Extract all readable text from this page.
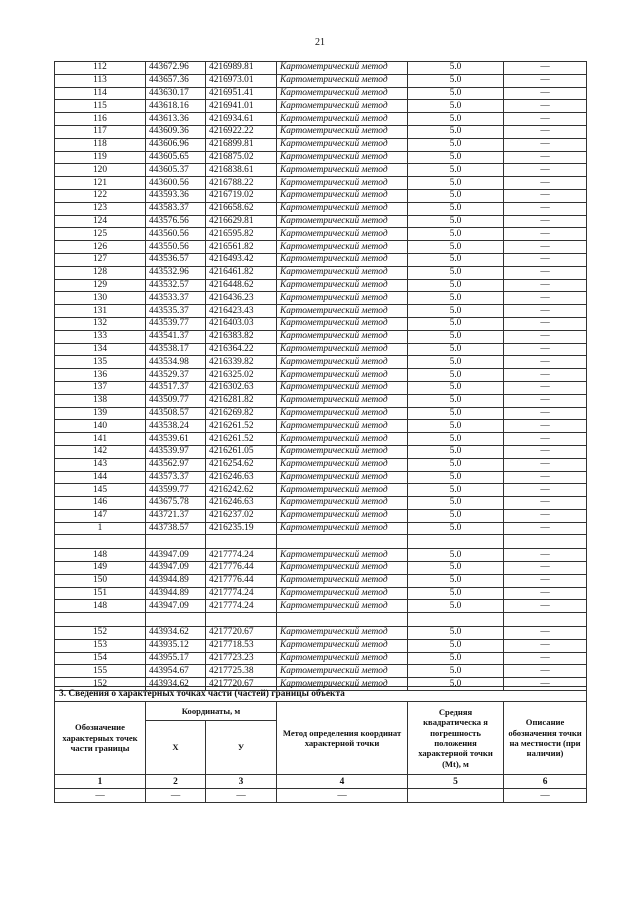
21
112	443672.96	4216989.81	Картометрический метод	5.0	—
113	443657.36	4216973.01	Картометрический метод	5.0	—
114	443630.17	4216951.41	Картометрический метод	5.0	—
115	443618.16	4216941.01	Картометрический метод	5.0	—
116	443613.36	4216934.61	Картометрический метод	5.0	—
117	443609.36	4216922.22	Картометрический метод	5.0	—
118	443606.96	4216899.81	Картометрический метод	5.0	—
119	443605.65	4216875.02	Картометрический метод	5.0	—
120	443605.37	4216838.61	Картометрический метод	5.0	—
121	443600.56	4216788.22	Картометрический метод	5.0	—
122	443593.36	4216719.02	Картометрический метод	5.0	—
123	443583.37	4216658.62	Картометрический метод	5.0	—
124	443576.56	4216629.81	Картометрический метод	5.0	—
125	443560.56	4216595.82	Картометрический метод	5.0	—
126	443550.56	4216561.82	Картометрический метод	5.0	—
127	443536.57	4216493.42	Картометрический метод	5.0	—
128	443532.96	4216461.82	Картометрический метод	5.0	—
129	443532.57	4216448.62	Картометрический метод	5.0	—
130	443533.37	4216436.23	Картометрический метод	5.0	—
131	443535.37	4216423.43	Картометрический метод	5.0	—
132	443539.77	4216403.03	Картометрический метод	5.0	—
133	443541.37	4216383.82	Картометрический метод	5.0	—
134	443538.17	4216364.22	Картометрический метод	5.0	—
135	443534.98	4216339.82	Картометрический метод	5.0	—
136	443529.37	4216325.02	Картометрический метод	5.0	—
137	443517.37	4216302.63	Картометрический метод	5.0	—
138	443509.77	4216281.82	Картометрический метод	5.0	—
139	443508.57	4216269.82	Картометрический метод	5.0	—
140	443538.24	4216261.52	Картометрический метод	5.0	—
141	443539.61	4216261.52	Картометрический метод	5.0	—
142	443539.97	4216261.05	Картометрический метод	5.0	—
143	443562.97	4216254.62	Картометрический метод	5.0	—
144	443573.37	4216246.63	Картометрический метод	5.0	—
145	443599.77	4216242.62	Картометрический метод	5.0	—
146	443675.78	4216246.63	Картометрический метод	5.0	—
147	443721.37	4216237.02	Картометрический метод	5.0	—
1	443738.57	4216235.19	Картометрический метод	5.0	—

148	443947.09	4217774.24	Картометрический метод	5.0	—
149	443947.09	4217776.44	Картометрический метод	5.0	—
150	443944.89	4217776.44	Картометрический метод	5.0	—
151	443944.89	4217774.24	Картометрический метод	5.0	—
148	443947.09	4217774.24	Картометрический метод	5.0	—

152	443934.62	4217720.67	Картометрический метод	5.0	—
153	443935.12	4217718.53	Картометрический метод	5.0	—
154	443955.17	4217723.23	Картометрический метод	5.0	—
155	443954.67	4217725.38	Картометрический метод	5.0	—
152	443934.62	4217720.67	Картометрический метод	5.0	—
3. Сведения о характерных точках части (частей) границы объекта					
Обозначение характерных точек части границы	Координаты, м		Метод определения координат характерной точки	Средняя квадратическа я погрешность положения характерной точки (Mt), м	Описание обозначения точки на местности (при наличии)
	X	У			
1	2	3	4	5	6
—	—	—	—		—
